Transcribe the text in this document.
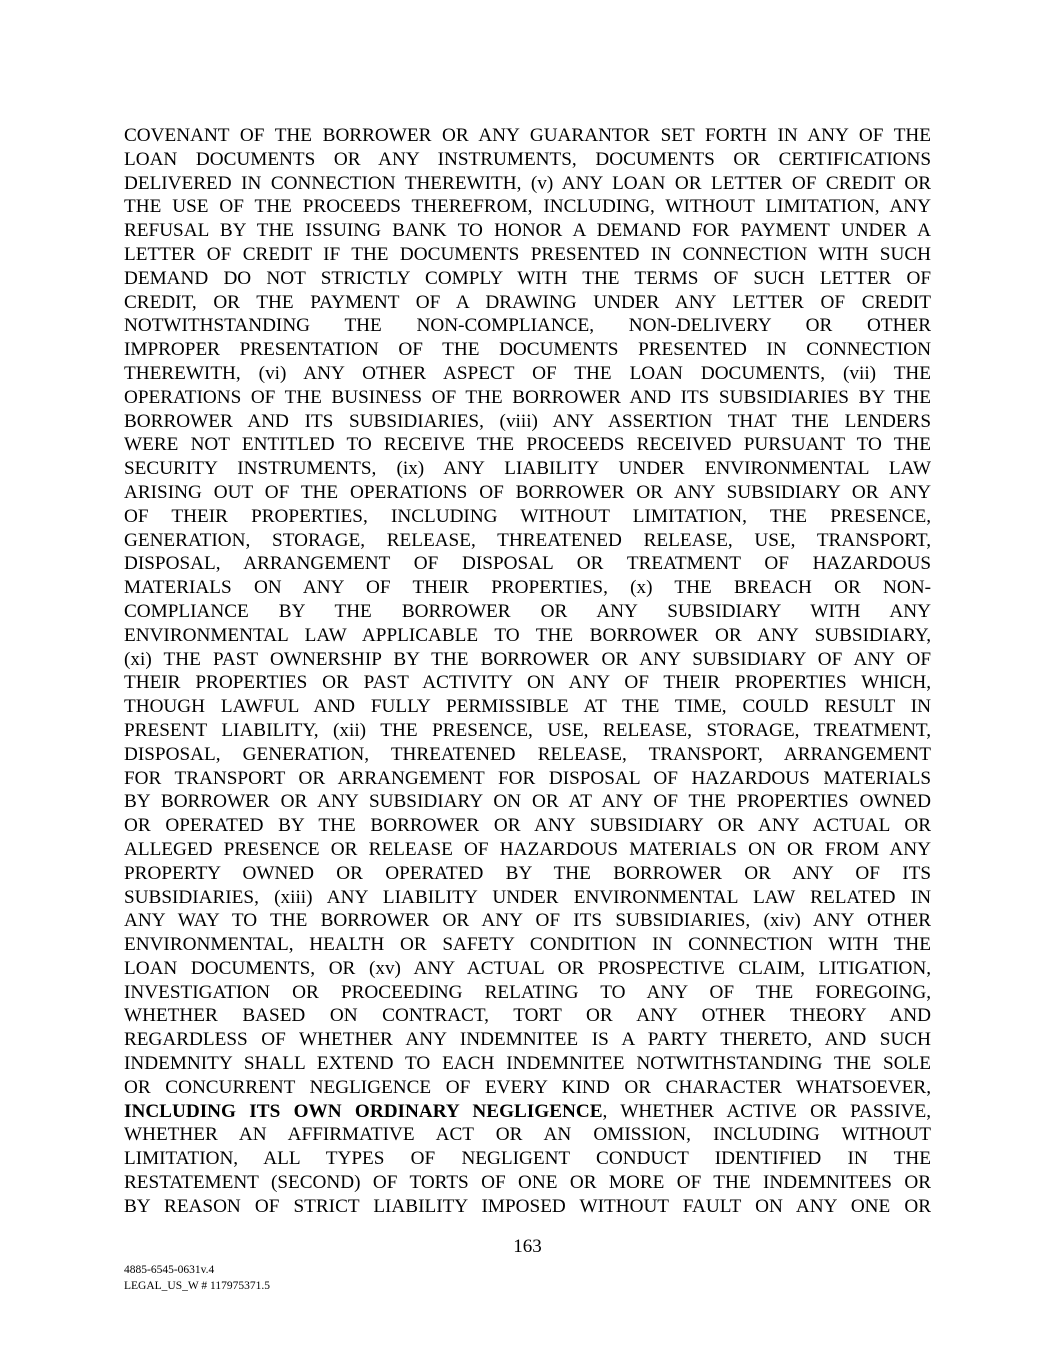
COVENANT OF THE BORROWER OR ANY GUARANTOR SET FORTH IN ANY OF THE
LOAN DOCUMENTS OR ANY INSTRUMENTS, DOCUMENTS OR CERTIFICATIONS
DELIVERED IN CONNECTION THEREWITH, (v) ANY LOAN OR LETTER OF CREDIT OR
THE USE OF THE PROCEEDS THEREFROM, INCLUDING, WITHOUT LIMITATION, ANY
REFUSAL BY THE ISSUING BANK TO HONOR A DEMAND FOR PAYMENT UNDER A
LETTER OF CREDIT IF THE DOCUMENTS PRESENTED IN CONNECTION WITH SUCH
DEMAND DO NOT STRICTLY COMPLY WITH THE TERMS OF SUCH LETTER OF
CREDIT, OR THE PAYMENT OF A DRAWING UNDER ANY LETTER OF CREDIT
NOTWITHSTANDING THE NON-COMPLIANCE, NON-DELIVERY OR OTHER
IMPROPER PRESENTATION OF THE DOCUMENTS PRESENTED IN CONNECTION
THEREWITH, (vi) ANY OTHER ASPECT OF THE LOAN DOCUMENTS, (vii) THE
OPERATIONS OF THE BUSINESS OF THE BORROWER AND ITS SUBSIDIARIES BY THE
BORROWER AND ITS SUBSIDIARIES, (viii) ANY ASSERTION THAT THE LENDERS
WERE NOT ENTITLED TO RECEIVE THE PROCEEDS RECEIVED PURSUANT TO THE
SECURITY INSTRUMENTS, (ix) ANY LIABILITY UNDER ENVIRONMENTAL LAW
ARISING OUT OF THE OPERATIONS OF BORROWER OR ANY SUBSIDIARY OR ANY
OF THEIR PROPERTIES, INCLUDING WITHOUT LIMITATION, THE PRESENCE,
GENERATION, STORAGE, RELEASE, THREATENED RELEASE, USE, TRANSPORT,
DISPOSAL, ARRANGEMENT OF DISPOSAL OR TREATMENT OF HAZARDOUS
MATERIALS ON ANY OF THEIR PROPERTIES, (x) THE BREACH OR NON-
COMPLIANCE BY THE BORROWER OR ANY SUBSIDIARY WITH ANY
ENVIRONMENTAL LAW APPLICABLE TO THE BORROWER OR ANY SUBSIDIARY,
(xi) THE PAST OWNERSHIP BY THE BORROWER OR ANY SUBSIDIARY OF ANY OF
THEIR PROPERTIES OR PAST ACTIVITY ON ANY OF THEIR PROPERTIES WHICH,
THOUGH LAWFUL AND FULLY PERMISSIBLE AT THE TIME, COULD RESULT IN
PRESENT LIABILITY, (xii) THE PRESENCE, USE, RELEASE, STORAGE, TREATMENT,
DISPOSAL, GENERATION, THREATENED RELEASE, TRANSPORT, ARRANGEMENT
FOR TRANSPORT OR ARRANGEMENT FOR DISPOSAL OF HAZARDOUS MATERIALS
BY BORROWER OR ANY SUBSIDIARY ON OR AT ANY OF THE PROPERTIES OWNED
OR OPERATED BY THE BORROWER OR ANY SUBSIDIARY OR ANY ACTUAL OR
ALLEGED PRESENCE OR RELEASE OF HAZARDOUS MATERIALS ON OR FROM ANY
PROPERTY OWNED OR OPERATED BY THE BORROWER OR ANY OF ITS
SUBSIDIARIES, (xiii) ANY LIABILITY UNDER ENVIRONMENTAL LAW RELATED IN
ANY WAY TO THE BORROWER OR ANY OF ITS SUBSIDIARIES, (xiv) ANY OTHER
ENVIRONMENTAL, HEALTH OR SAFETY CONDITION IN CONNECTION WITH THE
LOAN DOCUMENTS, OR (xv) ANY ACTUAL OR PROSPECTIVE CLAIM, LITIGATION,
INVESTIGATION OR PROCEEDING RELATING TO ANY OF THE FOREGOING,
WHETHER BASED ON CONTRACT, TORT OR ANY OTHER THEORY AND
REGARDLESS OF WHETHER ANY INDEMNITEE IS A PARTY THERETO, AND SUCH
INDEMNITY SHALL EXTEND TO EACH INDEMNITEE NOTWITHSTANDING THE SOLE
OR CONCURRENT NEGLIGENCE OF EVERY KIND OR CHARACTER WHATSOEVER,
INCLUDING ITS OWN ORDINARY NEGLIGENCE, WHETHER ACTIVE OR PASSIVE,
WHETHER AN AFFIRMATIVE ACT OR AN OMISSION, INCLUDING WITHOUT
LIMITATION, ALL TYPES OF NEGLIGENT CONDUCT IDENTIFIED IN THE
RESTATEMENT (SECOND) OF TORTS OF ONE OR MORE OF THE INDEMNITEES OR
BY REASON OF STRICT LIABILITY IMPOSED WITHOUT FAULT ON ANY ONE OR
163
4885-6545-0631v.4
LEGAL_US_W # 117975371.5
